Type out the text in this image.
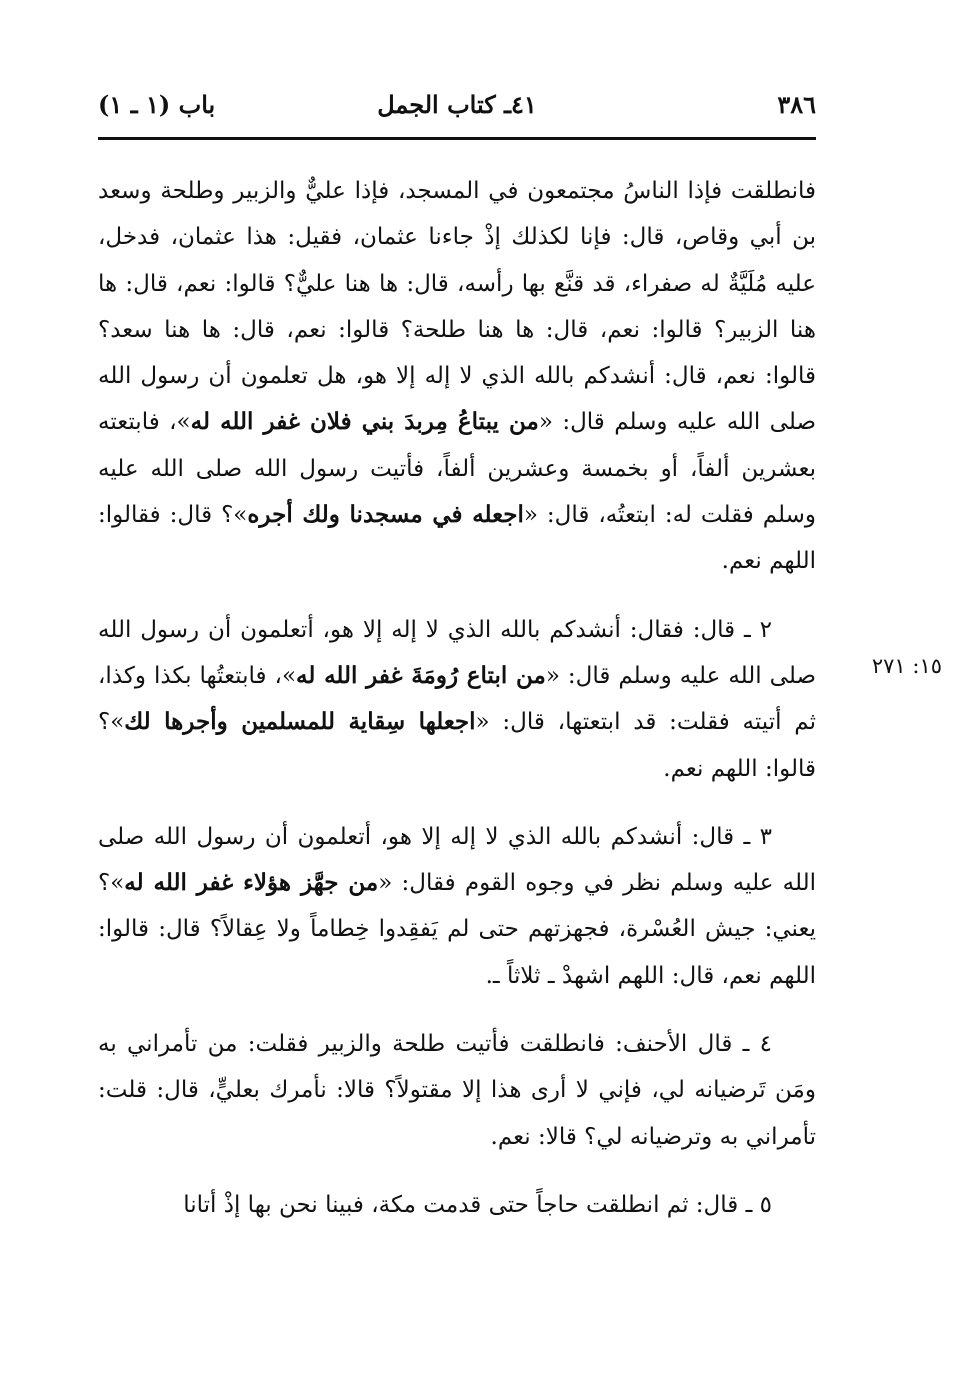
٣٨٦
٤١ـ كتاب الجمل
باب (١ ـ ١)
١٥: ٢٧١

فانطلقت فإذا الناسُ مجتمعون في المسجد، فإذا عليٌّ والزبير وطلحة وسعد بن أبي وقاص، قال: فإنا لكذلك إذْ جاءنا عثمان، فقيل: هذا عثمان، فدخل، عليه مُلَيَّةٌ له صفراء، قد قنَّع بها رأسه، قال: ها هنا عليٌّ؟ قالوا: نعم، قال: ها هنا الزبير؟ قالوا: نعم، قال: ها هنا طلحة؟ قالوا: نعم، قال: ها هنا سعد؟ قالوا: نعم، قال: أنشدكم بالله الذي لا إله إلا هو، هل تعلمون أن رسول الله صلى الله عليه وسلم قال: «من يبتاعُ مِربدَ بني فلان غفر الله له»، فابتعته بعشرين ألفاً، أو بخمسة وعشرين ألفاً، فأتيت رسول الله صلى الله عليه وسلم فقلت له: ابتعتُه، قال: «اجعله في مسجدنا ولك أجره»؟ قال: فقالوا: اللهم نعم.

٢ ـ قال: فقال: أنشدكم بالله الذي لا إله إلا هو، أتعلمون أن رسول الله صلى الله عليه وسلم قال: «من ابتاع رُومَةَ غفر الله له»، فابتعتُها بكذا وكذا، ثم أتيته فقلت: قد ابتعتها، قال: «اجعلها سِقاية للمسلمين وأجرها لك»؟ قالوا: اللهم نعم.

٣ ـ قال: أنشدكم بالله الذي لا إله إلا هو، أتعلمون أن رسول الله صلى الله عليه وسلم نظر في وجوه القوم فقال: «من جهَّز هؤلاء غفر الله له»؟ يعني: جيش العُسْرة، فجهزتهم حتى لم يَفقِدوا خِطاماً ولا عِقالاً؟ قال: قالوا: اللهم نعم، قال: اللهم اشهدْ ـ ثلاثاً ـ.

٤ ـ قال الأحنف: فانطلقت فأتيت طلحة والزبير فقلت: من تأمراني به ومَن تَرضيانه لي، فإني لا أرى هذا إلا مقتولاً؟ قالا: نأمرك بعليٍّ، قال: قلت: تأمراني به وترضيانه لي؟ قالا: نعم.

٥ ـ قال: ثم انطلقت حاجاً حتى قدمت مكة، فبينا نحن بها إذْ أتانا
